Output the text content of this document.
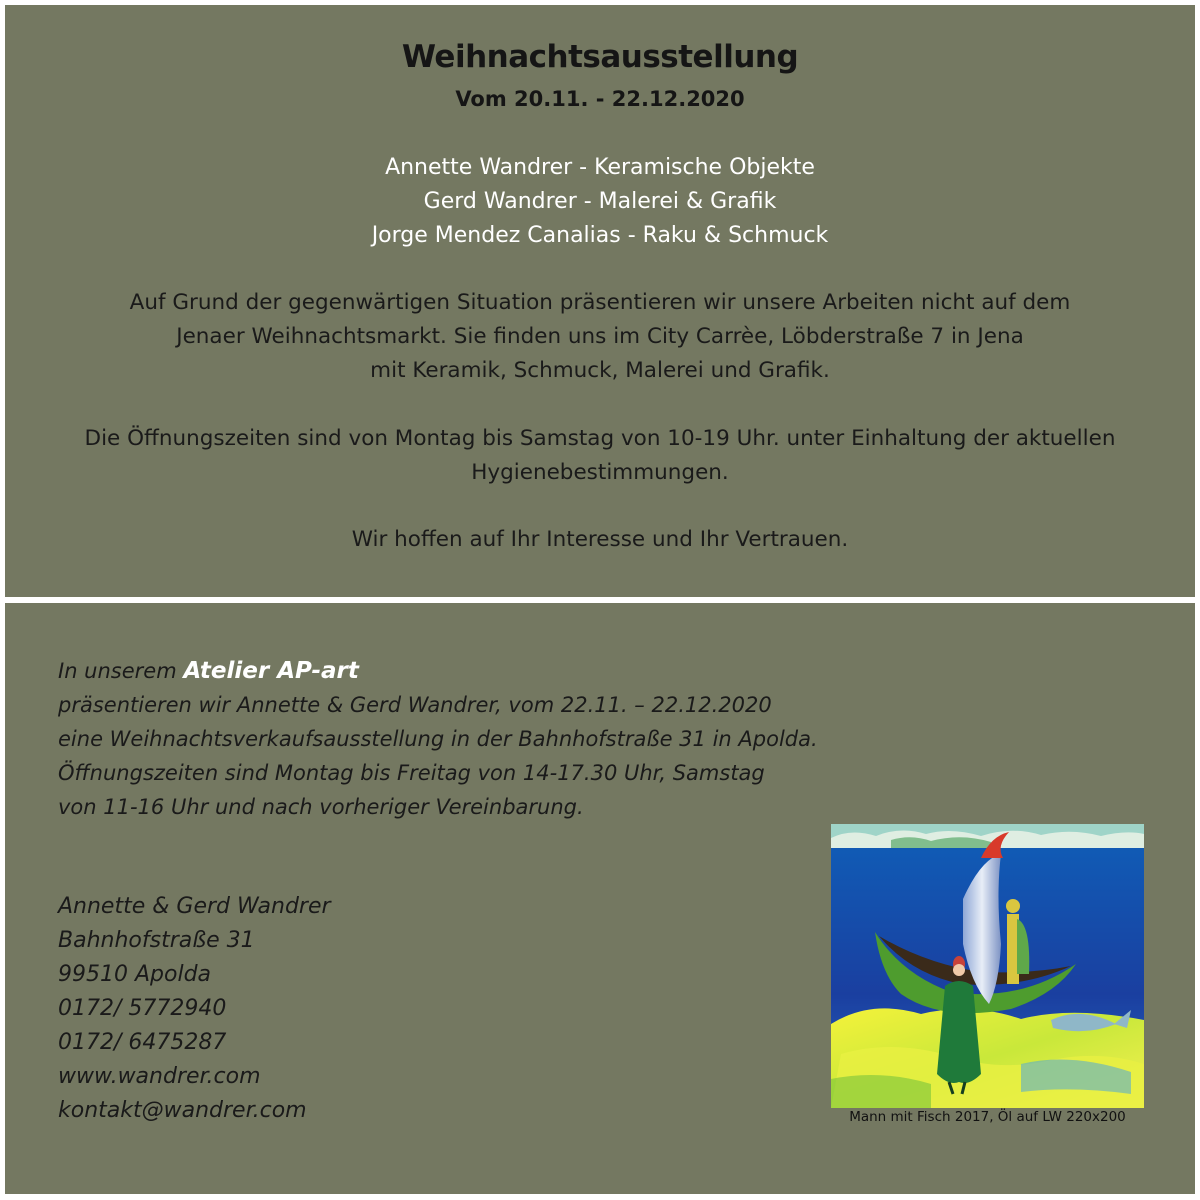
Weihnachtsausstellung
Vom 20.11. - 22.12.2020
Annette Wandrer - Keramische Objekte
Gerd Wandrer - Malerei & Grafik
Jorge Mendez Canalias - Raku & Schmuck
Auf Grund der gegenwärtigen Situation präsentieren wir unsere Arbeiten nicht auf dem
Jenaer Weihnachtsmarkt. Sie finden uns im City Carrèe, Löbderstraße 7 in Jena
mit Keramik, Schmuck, Malerei und Grafik.
Die Öffnungszeiten sind von Montag bis Samstag von 10-19 Uhr. unter Einhaltung der aktuellen
Hygienebestimmungen.
Wir hoffen auf Ihr Interesse und Ihr Vertrauen.
In unserem Atelier AP-art
präsentieren wir Annette & Gerd Wandrer, vom 22.11. – 22.12.2020
eine Weihnachtsverkaufsausstellung in der Bahnhofstraße 31 in Apolda.
Öffnungszeiten sind Montag bis Freitag von 14-17.30 Uhr, Samstag
von 11-16 Uhr und nach vorheriger Vereinbarung.
Annette & Gerd Wandrer
Bahnhofstraße 31
99510 Apolda
0172/ 5772940
0172/ 6475287
www.wandrer.com
kontakt@wandrer.com	Mann mit Fisch 2017, Öl auf LW 220x200
